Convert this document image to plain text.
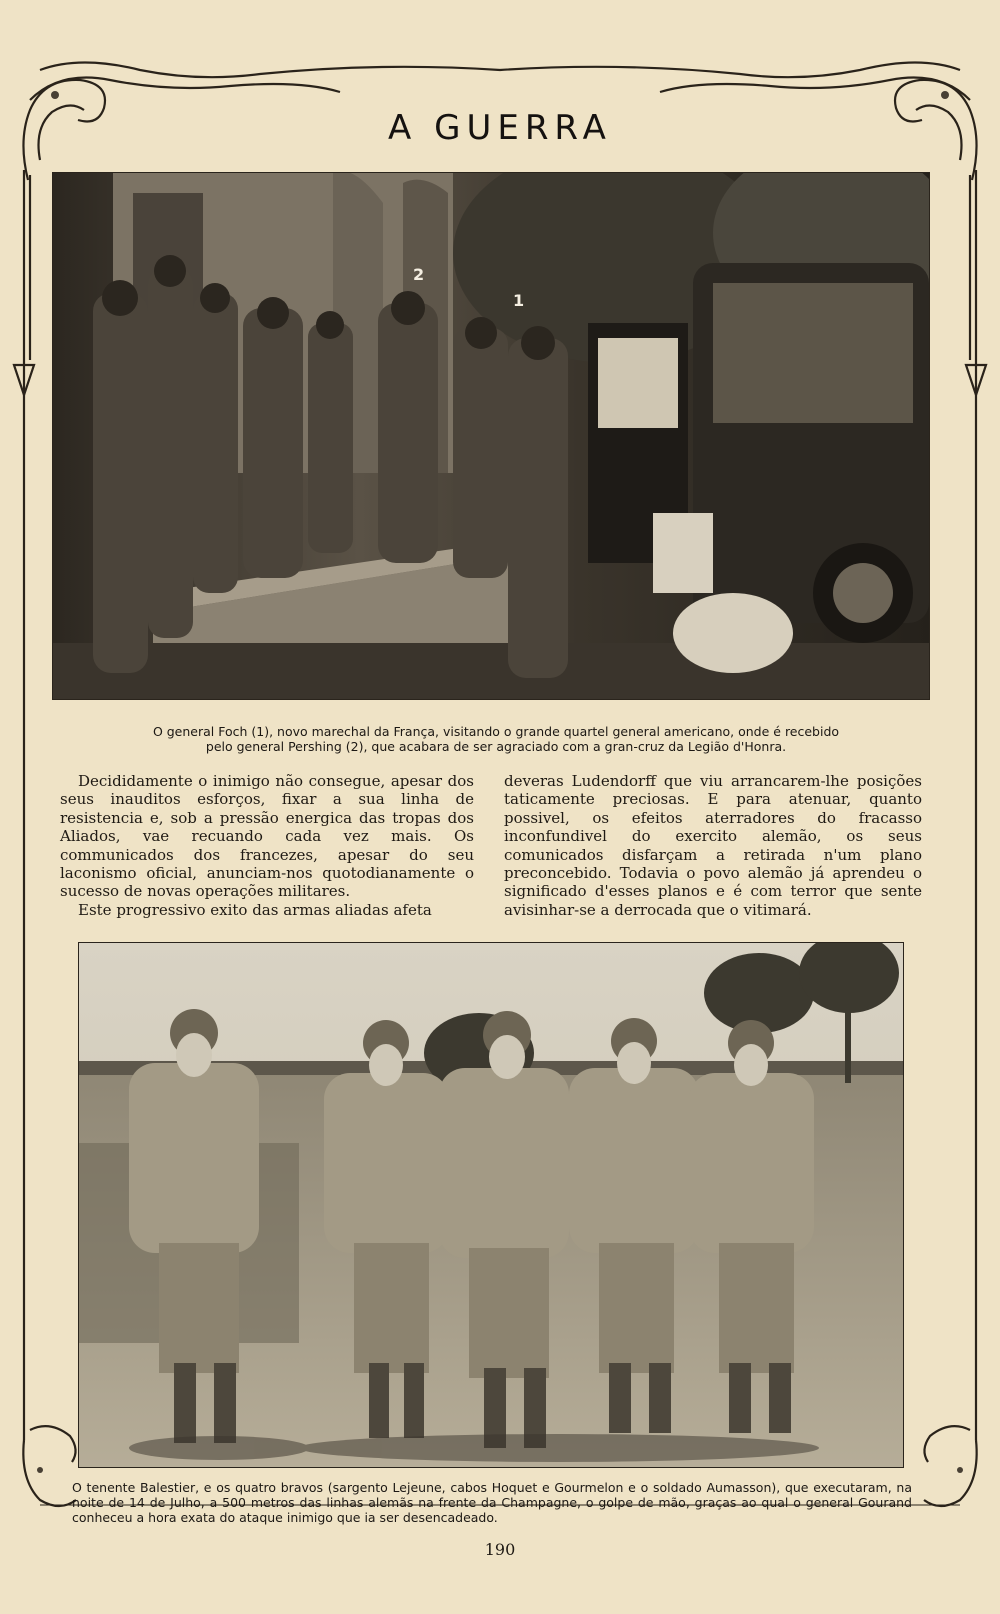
A GUERRA
1
2
O general Foch (1), novo marechal da França, visitando o grande quartel general americano, onde é recebido
pelo general Pershing (2), que acabara de ser agraciado com a gran-cruz da Legião d'Honra.

Decididamente o inimigo não consegue, apesar dos seus inauditos esforços, fixar a sua linha de resistencia e, sob a pressão energica das tropas dos Aliados, vae recuando cada vez mais. Os communicados dos francezes, apesar do seu laconismo oficial, anunciam-nos quotodianamente o sucesso de novas operações militares.

Este progressivo exito das armas aliadas afeta

deveras Ludendorff que viu arrancarem-lhe posições taticamente preciosas. E para atenuar, quanto possivel, os efeitos aterradores do fracasso inconfundivel do exercito alemão, os seus comunicados disfarçam a retirada n'um plano preconcebido. Todavia o povo alemão já aprendeu o significado d'esses planos e é com terror que sente avisinhar-se a derrocada que o vitimará.

O tenente Balestier, e os quatro bravos (sargento Lejeune, cabos Hoquet e Gourmelon e o soldado Aumasson), que executaram, na noite de 14 de Julho, a 500 metros das linhas alemãs na frente da Champagne, o golpe de mão, graças ao qual o general Gourand conheceu a hora exata do ataque inimigo que ia ser desencadeado.
190
